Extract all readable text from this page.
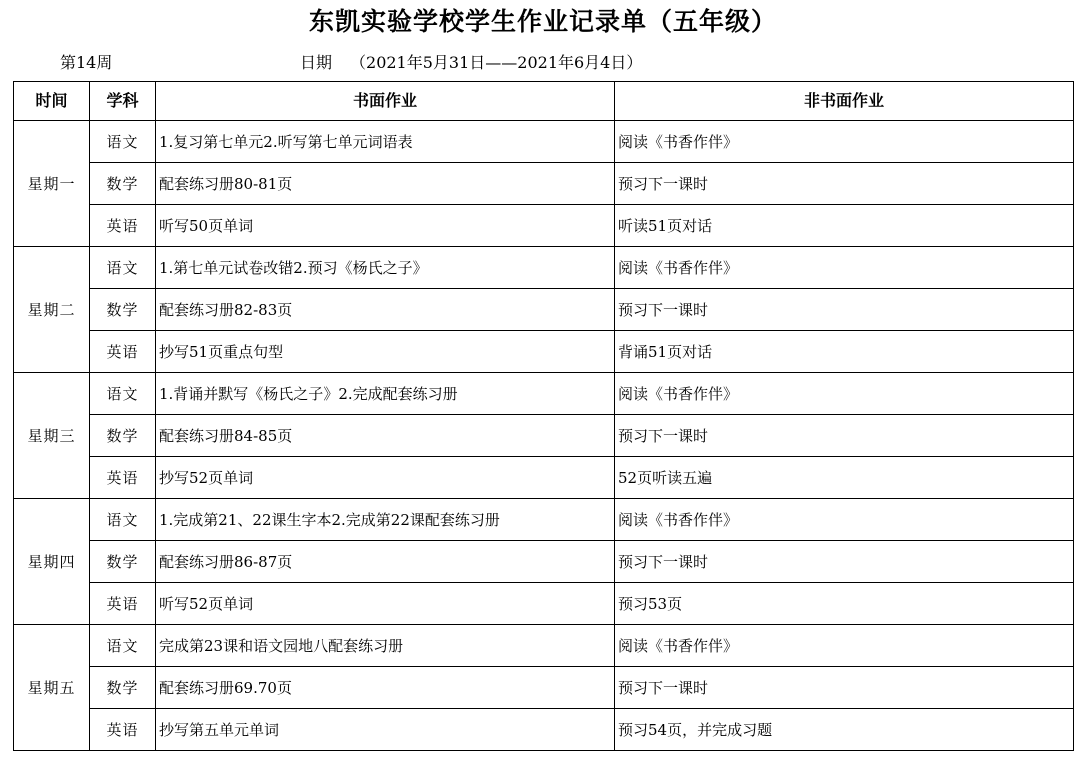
东凯实验学校学生作业记录单（五年级）
第14周	日期 （2021年5月31日——2021年6月4日）
时间	学科	书面作业	非书面作业
星期一	语文	1.复习第七单元2.听写第七单元词语表	阅读《书香作伴》
	数学	配套练习册80-81页	预习下一课时
	英语	听写50页单词	听读51页对话
星期二	语文	1.第七单元试卷改错2.预习《杨氏之子》	阅读《书香作伴》
	数学	配套练习册82-83页	预习下一课时
	英语	抄写51页重点句型	背诵51页对话
星期三	语文	1.背诵并默写《杨氏之子》2.完成配套练习册	阅读《书香作伴》
	数学	配套练习册84-85页	预习下一课时
	英语	抄写52页单词	52页听读五遍
星期四	语文	1.完成第21、22课生字本2.完成第22课配套练习册	阅读《书香作伴》
	数学	配套练习册86-87页	预习下一课时
	英语	听写52页单词	预习53页
星期五	语文	完成第23课和语文园地八配套练习册	阅读《书香作伴》
	数学	配套练习册69.70页	预习下一课时
	英语	抄写第五单元单词	预习54页，并完成习题
